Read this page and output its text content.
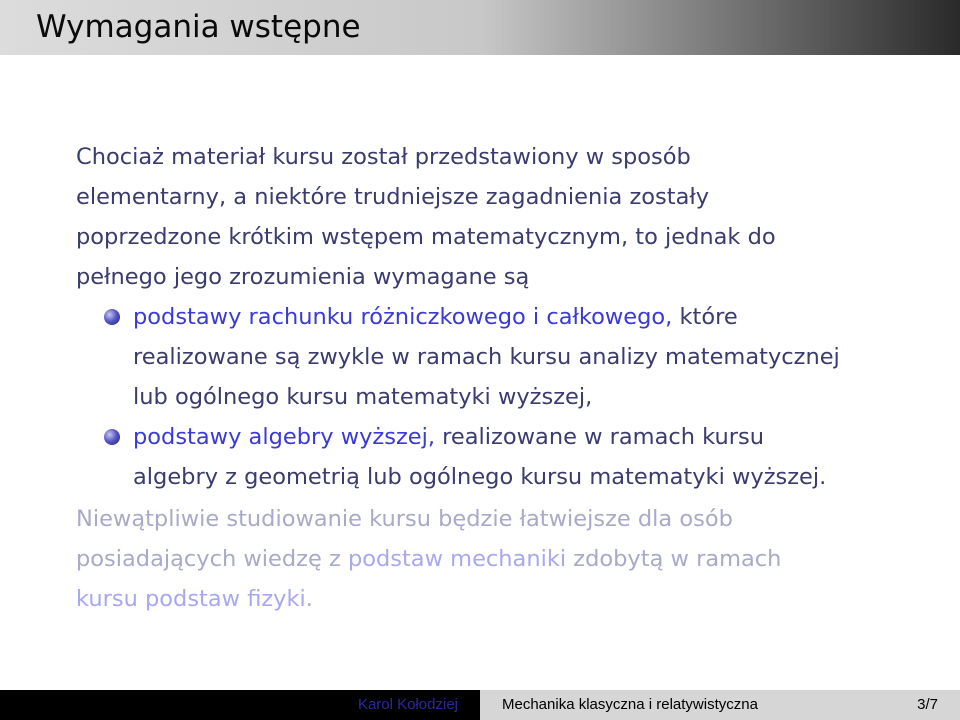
Wymagania wstępne

Chociaż materiał kursu został przedstawiony w sposób
elementarny, a niektóre trudniejsze zagadnienia zostały
poprzedzone krótkim wstępem matematycznym, to jednak do
pełnego jego zrozumienia wymagane są

podstawy rachunku różniczkowego i całkowego, które
realizowane są zwykle w ramach kursu analizy matematycznej
lub ogólnego kursu matematyki wyższej,
podstawy algebry wyższej, realizowane w ramach kursu
algebry z geometrią lub ogólnego kursu matematyki wyższej.

Niewątpliwie studiowanie kursu będzie łatwiejsze dla osób
posiadających wiedzę z podstaw mechaniki zdobytą w ramach
kursu podstaw fizyki.

Karol Kołodziej	Mechanika klasyczna i relatywistyczna	3/7
